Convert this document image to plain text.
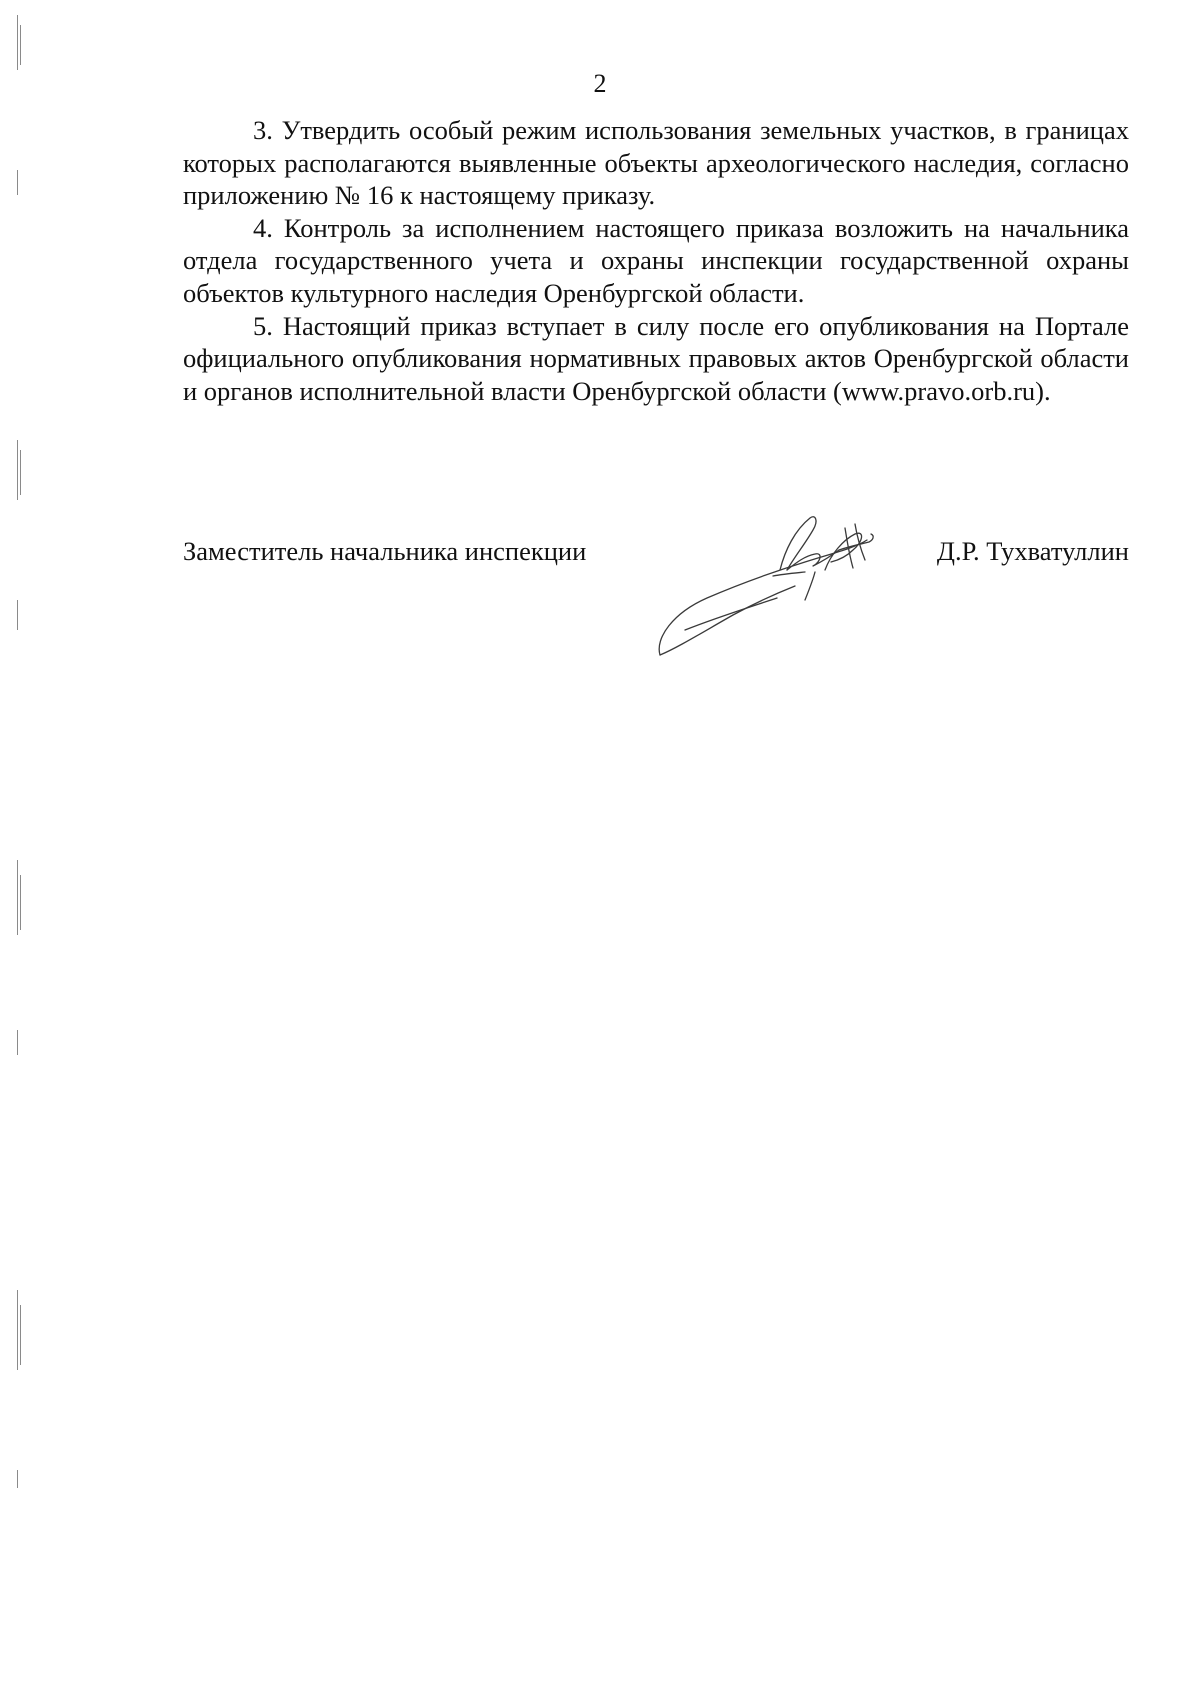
2

3. Утвердить особый режим использования земельных участков, в границах которых располагаются выявленные объекты археологического наследия, согласно приложению № 16 к настоящему приказу.

4. Контроль за исполнением настоящего приказа возложить на начальника отдела государственного учета и охраны инспекции государственной охраны объектов культурного наследия Оренбургской области.

5. Настоящий приказ вступает в силу после его опубликования на Портале официального опубликования нормативных правовых актов Оренбургской области и органов исполнительной власти Оренбургской области (www.pravo.orb.ru).

Заместитель начальника инспекции	Д.Р. Тухватуллин
